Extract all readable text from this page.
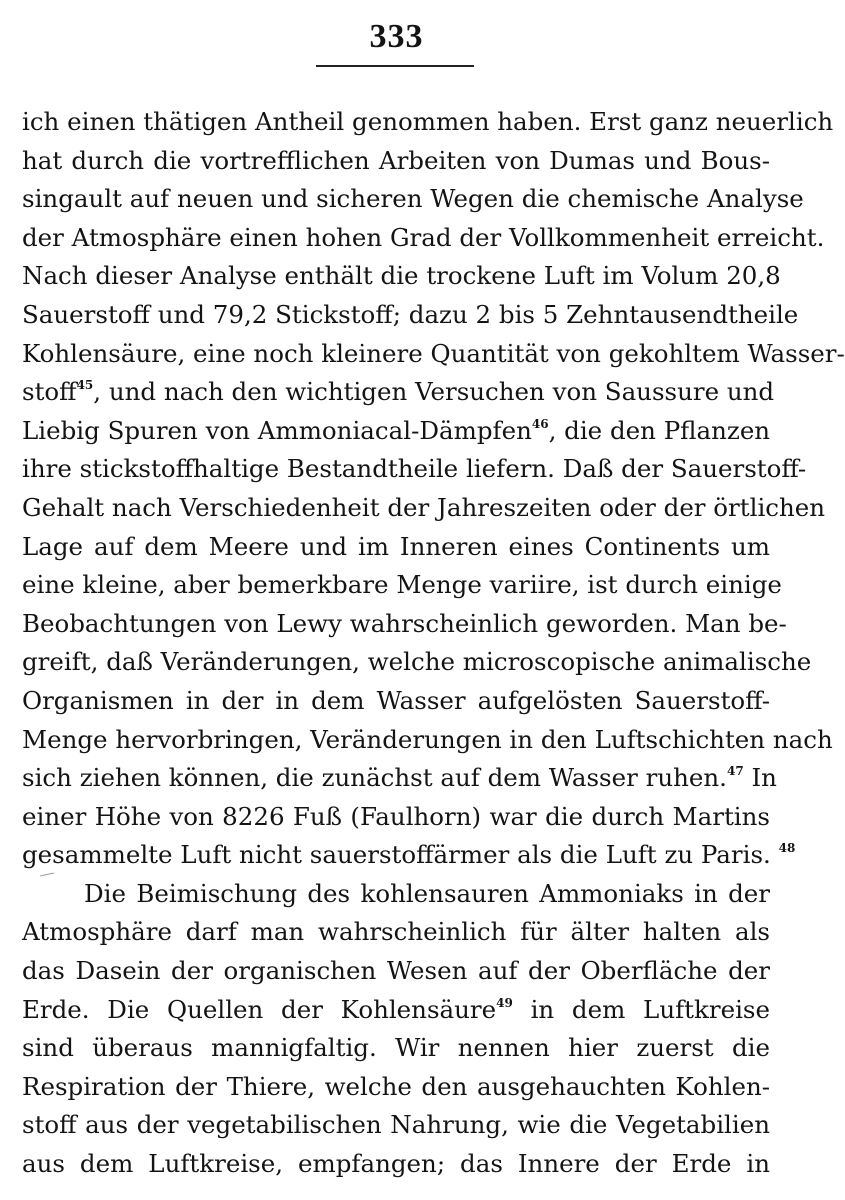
333
ich einen thätigen Antheil genommen haben. Erst ganz neuerlich
hat durch die vortrefflichen Arbeiten von Dumas und Bous-
singault auf neuen und sicheren Wegen die chemische Analyse
der Atmosphäre einen hohen Grad der Vollkommenheit erreicht.
Nach dieser Analyse enthält die trockene Luft im Volum 20,8
Sauerstoff und 79,2 Stickstoff; dazu 2 bis 5 Zehntausendtheile
Kohlensäure, eine noch kleinere Quantität von gekohltem Wasser-
stoff$^{45}$, und nach den wichtigen Versuchen von Saussure und
Liebig Spuren von Ammoniacal-Dämpfen$^{46}$, die den Pflanzen
ihre stickstoffhaltige Bestandtheile liefern. Daß der Sauerstoff-
Gehalt nach Verschiedenheit der Jahreszeiten oder der örtlichen
Lage auf dem Meere und im Inneren eines Continents um
eine kleine, aber bemerkbare Menge variire, ist durch einige
Beobachtungen von Lewy wahrscheinlich geworden. Man be-
greift, daß Veränderungen, welche microscopische animalische
Organismen in der in dem Wasser aufgelösten Sauerstoff-
Menge hervorbringen, Veränderungen in den Luftschichten nach
sich ziehen können, die zunächst auf dem Wasser ruhen.$^{47}$ In
einer Höhe von 8226 Fuß (Faulhorn) war die durch Martins
gesammelte Luft nicht sauerstoffärmer als die Luft zu Paris. $^{48}$
Die Beimischung des kohlensauren Ammoniaks in der
Atmosphäre darf man wahrscheinlich für älter halten als
das Dasein der organischen Wesen auf der Oberfläche der
Erde. Die Quellen der Kohlensäure$^{49}$ in dem Luftkreise
sind überaus mannigfaltig. Wir nennen hier zuerst die
Respiration der Thiere, welche den ausgehauchten Kohlen-
stoff aus der vegetabilischen Nahrung, wie die Vegetabilien
aus dem Luftkreise, empfangen; das Innere der Erde in
